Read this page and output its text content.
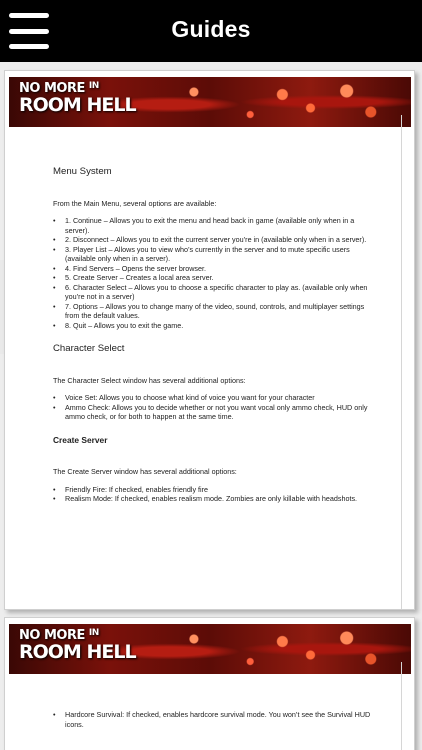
Guides
NO MORE $^{IN}$
ROOM HELL
Menu System
From the Main Menu, several options are available:
• 1. Continue – Allows you to exit the menu and head back in game (available only when in a server).
• 2. Disconnect – Allows you to exit the current server you’re in (available only when in a server).
• 3. Player List – Allows you to view who’s currently in the server and to mute specific users (available only when in a server).
• 4. Find Servers – Opens the server browser.
• 5. Create Server – Creates a local area server.
• 6. Character Select – Allows you to choose a specific character to play as. (available only when you’re not in a server)
• 7. Options – Allows you to change many of the video, sound, controls, and multiplayer settings from the default values.
• 8. Quit – Allows you to exit the game.
Character Select
The Character Select window has several additional options:
• Voice Set: Allows you to choose what kind of voice you want for your character
• Ammo Check: Allows you to decide whether or not you want vocal only ammo check, HUD only ammo check, or for both to happen at the same time.
Create Server
The Create Server window has several additional options:
• Friendly Fire: If checked, enables friendly fire
• Realism Mode: If checked, enables realism mode. Zombies are only killable with headshots.
NO MORE $^{IN}$
ROOM HELL
• Hardcore Survival: If checked, enables hardcore survival mode. You won’t see the Survival HUD icons.
